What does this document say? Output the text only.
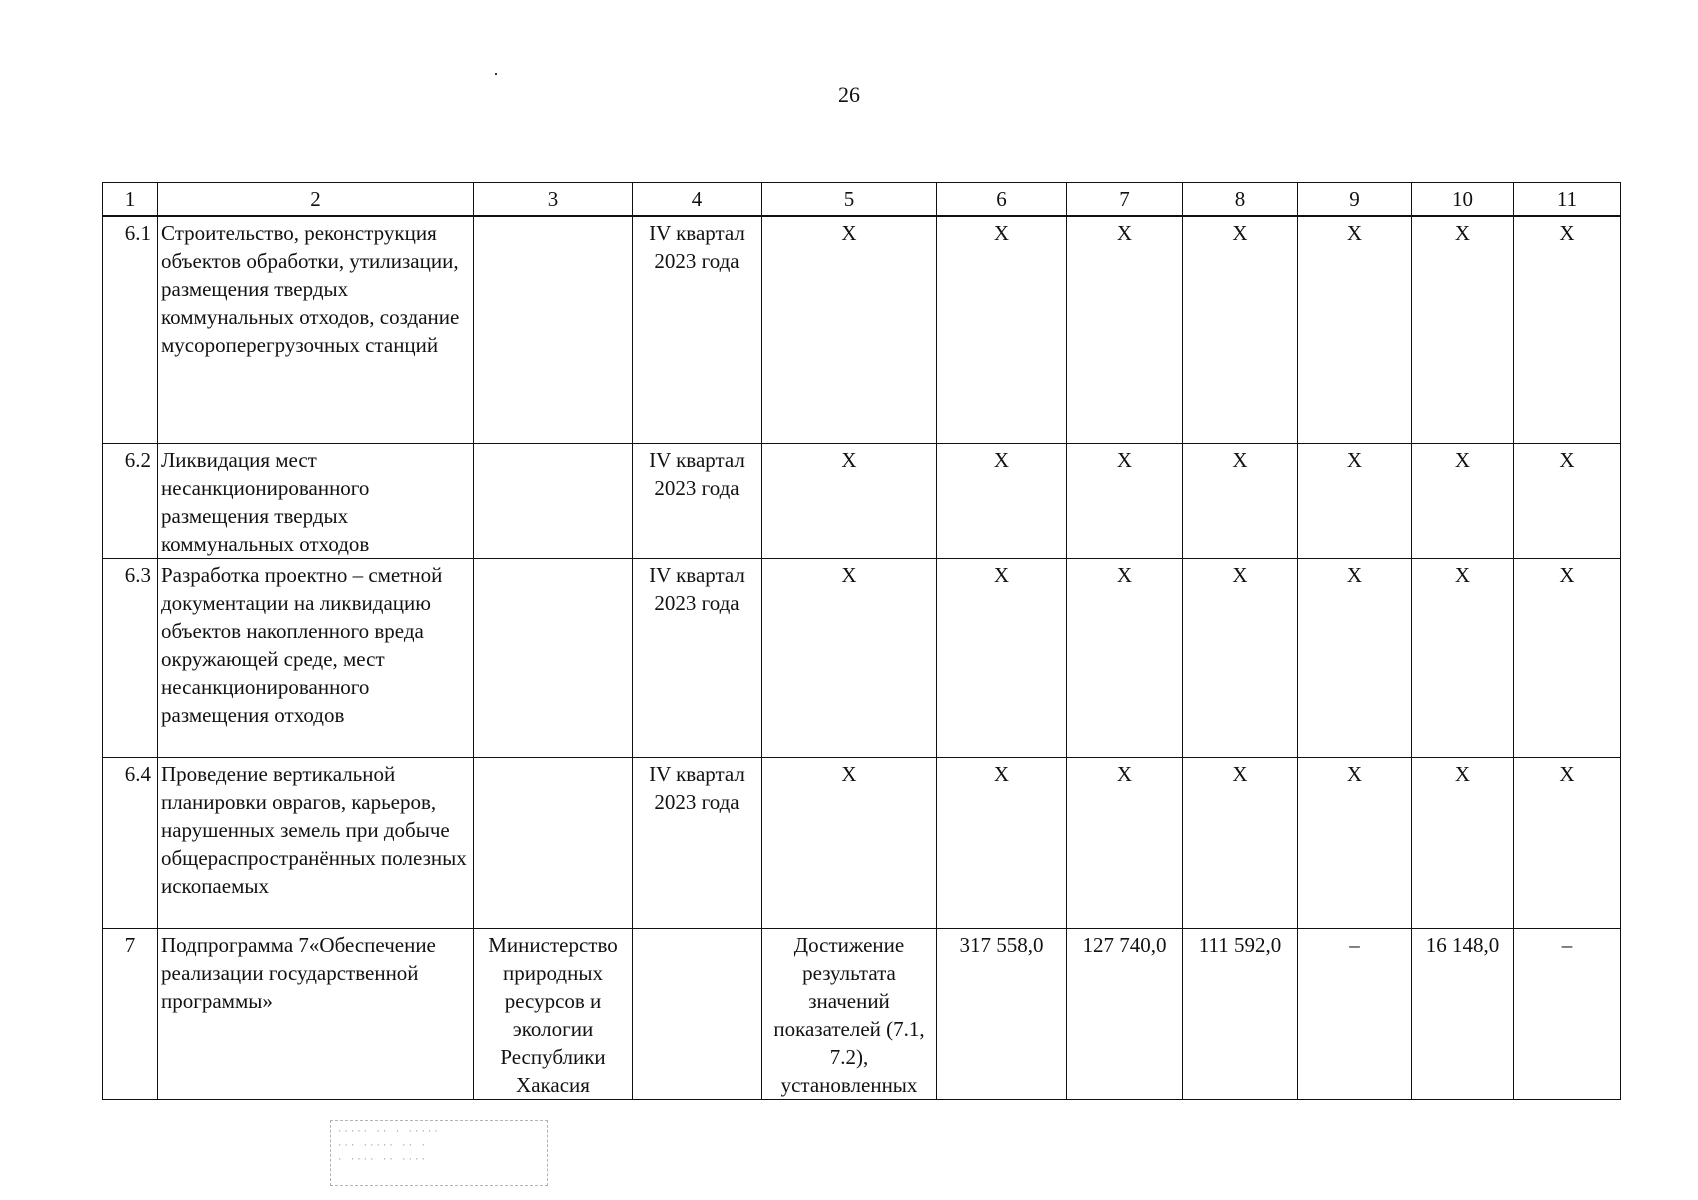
26
1	2	3	4	5	6	7	8	9	10	11
6.1	Строительство, реконструкция объектов обработки, утилизации, размещения твердых коммунальных отходов, создание мусороперегрузочных станций		IV квартал 2023 года	X	X	X	X	X	X	X
6.2	Ликвидация мест несанкционированного размещения твердых коммунальных отходов		IV квартал 2023 года	X	X	X	X	X	X	X
6.3	Разработка проектно – сметной документации на ликвидацию объектов накопленного вреда окружающей среде, мест несанкционированного размещения отходов		IV квартал 2023 года	X	X	X	X	X	X	X
6.4	Проведение вертикальной планировки оврагов, карьеров, нарушенных земель при добыче общераспространённых полезных ископаемых		IV квартал 2023 года	X	X	X	X	X	X	X
7	Подпрограмма 7«Обеспечение реализации государственной программы»	Министерство природных ресурсов и экологии Республики Хакасия		Достижение результата значений показателей (7.1, 7.2), установленных	317 558,0	127 740,0	111 592,0	–	16 148,0	–
····· ·· · ·····
··· ····· ·· ·
· ···· ·· ····
